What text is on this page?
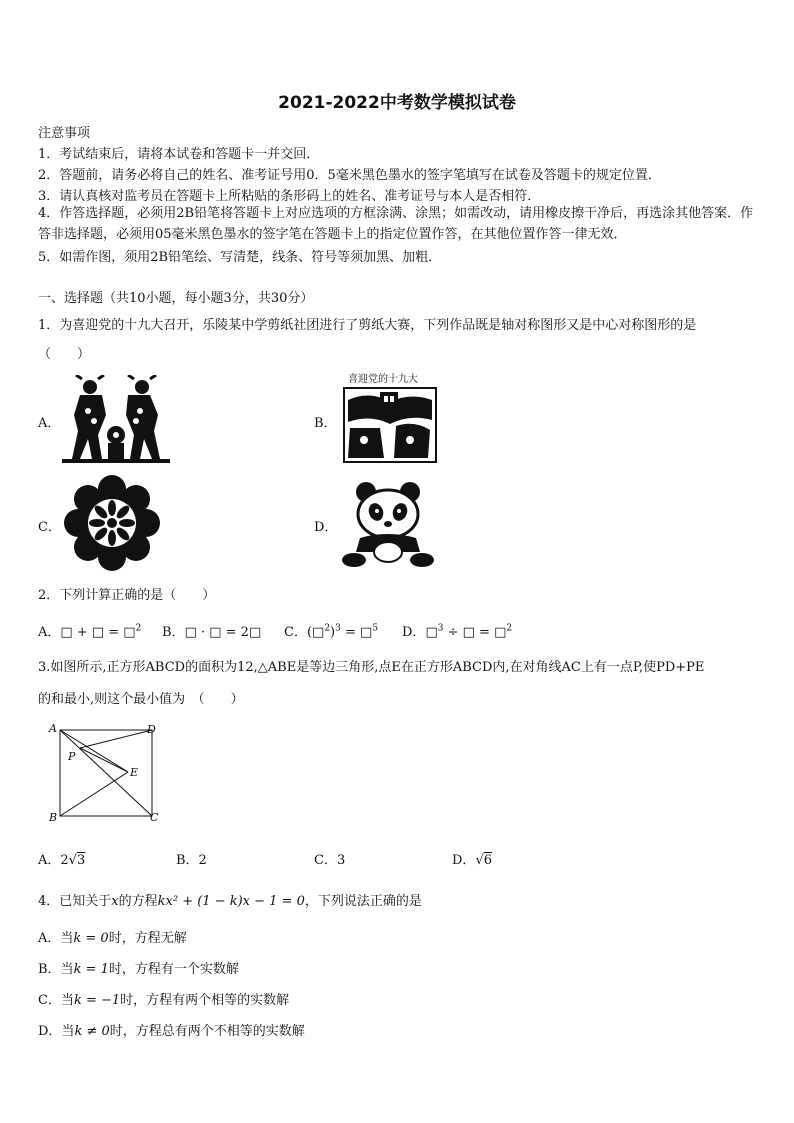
2021-2022中考数学模拟试卷
注意事项
1．考试结束后，请将本试卷和答题卡一并交回．
2．答题前，请务必将自己的姓名、准考证号用0．5毫米黑色墨水的签字笔填写在试卷及答题卡的规定位置．
3．请认真核对监考员在答题卡上所粘贴的条形码上的姓名、准考证号与本人是否相符．
4．作答选择题，必须用2B铅笔将答题卡上对应选项的方框涂满、涂黑；如需改动，请用橡皮擦干净后，再选涂其他答案．作答非选择题，必须用05毫米黑色墨水的签字笔在答题卡上的指定位置作答，在其他位置作答一律无效．
5．如需作图，须用2B铅笔绘、写清楚，线条、符号等须加黑、加粗．
一、选择题（共10小题，每小题3分，共30分）
1．为喜迎党的十九大召开，乐陵某中学剪纸社团进行了剪纸大赛，下列作品既是轴对称图形又是中心对称图形的是
（　　）
A．	B．
喜迎党的十九大
C．	D．
2．下列计算正确的是（　　）
A．□ + □ = □$^2$ B．□ · □ = 2□ C．(□$^2$)$^3$ = □$^5$ D．□$^3$ ÷ □ = □$^2$
3.如图所示,正方形ABCD的面积为12,△ABE是等边三角形,点E在正方形ABCD内,在对角线AC上有一点P,使PD+PE
的和最小,则这个最小值为　（　　）
A	D
B	C
P
E
A．2√3	B．2	C．3	D．√6
4．已知关于x的方程kx² + (1 − k)x − 1 = 0，下列说法正确的是
A．当k = 0时，方程无解
B．当k = 1时，方程有一个实数解
C．当k = −1时，方程有两个相等的实数解
D．当k ≠ 0时，方程总有两个不相等的实数解
